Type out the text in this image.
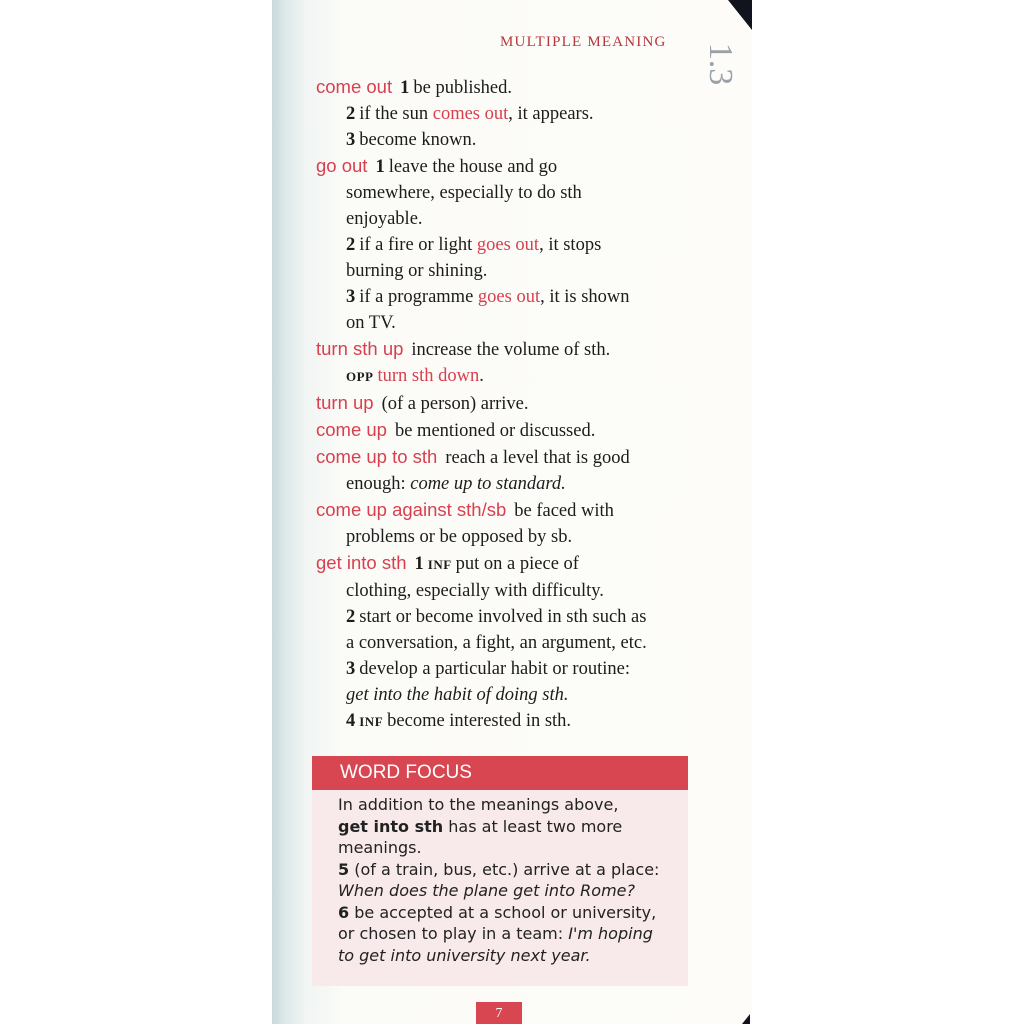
MULTIPLE MEANING
1.3
come out 1 be published.
2 if the sun comes out, it appears.
3 become known.
go out 1 leave the house and go
somewhere, especially to do sth
enjoyable.
2 if a fire or light goes out, it stops
burning or shining.
3 if a programme goes out, it is shown
on TV.
turn sth up increase the volume of sth.
OPP turn sth down.
turn up (of a person) arrive.
come up be mentioned or discussed.
come up to sth reach a level that is good
enough: come up to standard.
come up against sth/sb be faced with
problems or be opposed by sb.
get into sth 1 INF put on a piece of
clothing, especially with difficulty.
2 start or become involved in sth such as
a conversation, a fight, an argument, etc.
3 develop a particular habit or routine:
get into the habit of doing sth.
4 INF become interested in sth.
WORD FOCUS

In addition to the meanings above,

get into sth has at least two more

meanings.

5 (of a train, bus, etc.) arrive at a place:

When does the plane get into Rome?

6 be accepted at a school or university,

or chosen to play in a team: I'm hoping

to get into university next year.

7
